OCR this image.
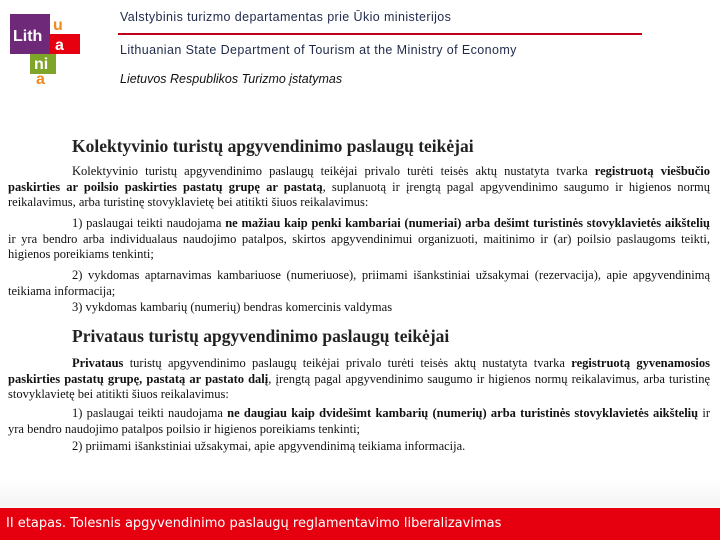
Lith
u
a
ni
a
Valstybinis turizmo departamentas prie Ūkio ministerijos
Lithuanian State Department of Tourism at the Ministry of Economy
Lietuvos Respublikos Turizmo įstatymas
Kolektyvinio turistų apgyvendinimo paslaugų teikėjai

Kolektyvinio turistų apgyvendinimo paslaugų teikėjai privalo turėti teisės aktų nustatyta tvarka registruotą viešbučio paskirties ar poilsio paskirties pastatų grupę ar pastatą, suplanuotą ir įrengtą pagal apgyvendinimo saugumo ir higienos normų reikalavimus, arba turistinę stovyklavietę bei atitikti šiuos reikalavimus:

1) paslaugai teikti naudojama ne mažiau kaip penki kambariai (numeriai) arba dešimt turistinės stovyklavietės aikštelių ir yra bendro arba individualaus naudojimo patalpos, skirtos apgyvendinimui organizuoti, maitinimo ir (ar) poilsio paslaugoms teikti, higienos poreikiams tenkinti;

2) vykdomas aptarnavimas kambariuose (numeriuose), priimami išankstiniai užsakymai (rezervacija), apie apgyvendinimą teikiama informacija;

3) vykdomas kambarių (numerių) bendras komercinis valdymas

Privataus turistų apgyvendinimo paslaugų teikėjai

Privataus turistų apgyvendinimo paslaugų teikėjai privalo turėti teisės aktų nustatyta tvarka registruotą gyvenamosios paskirties pastatų grupę, pastatą ar pastato dalį, įrengtą pagal apgyvendinimo saugumo ir higienos normų reikalavimus, arba turistinę stovyklavietę bei atitikti šiuos reikalavimus:

1) paslaugai teikti naudojama ne daugiau kaip dvidešimt kambarių (numerių) arba turistinės stovyklavietės aikštelių ir yra bendro naudojimo patalpos poilsio ir higienos poreikiams tenkinti;

2) priimami išankstiniai užsakymai, apie apgyvendinimą teikiama informacija.

II etapas. Tolesnis apgyvendinimo paslaugų reglamentavimo liberalizavimas
